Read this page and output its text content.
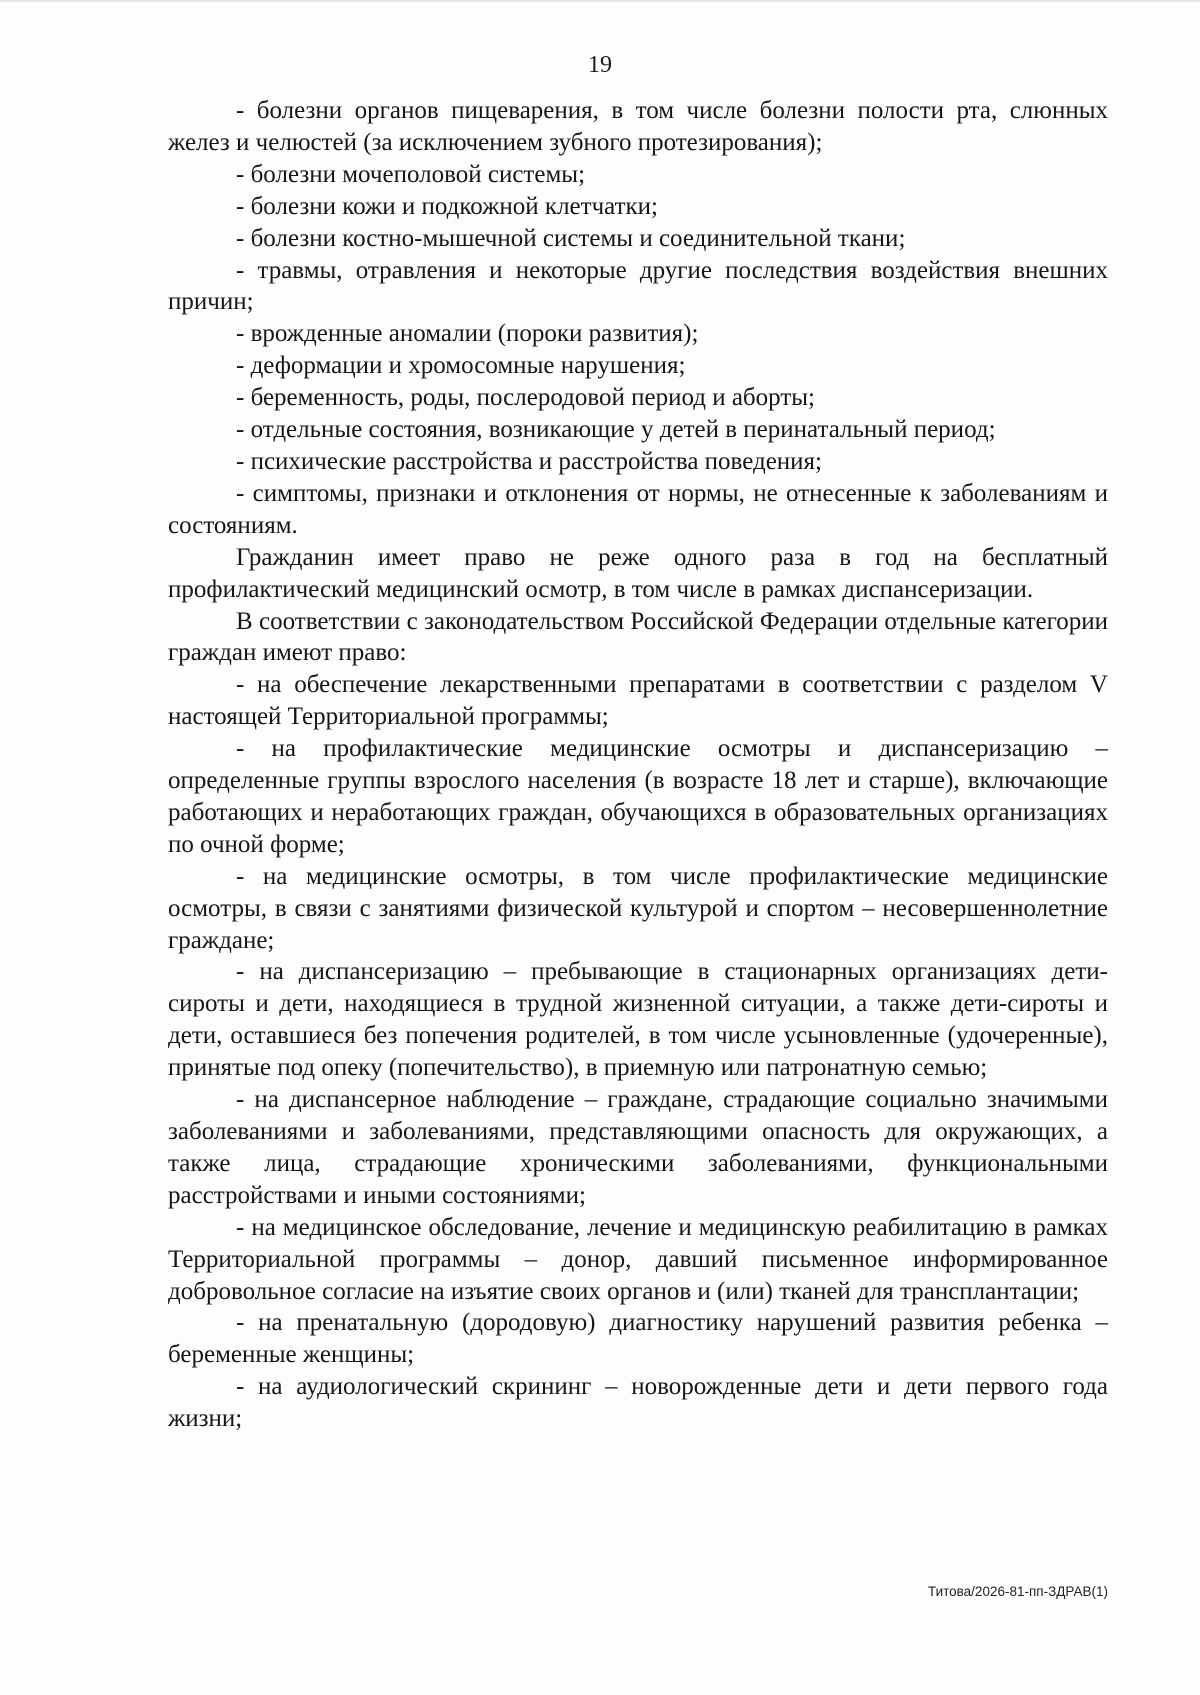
19

- болезни органов пищеварения, в том числе болезни полости рта, слюнных желез и челюстей (за исключением зубного протезирования);

- болезни мочеполовой системы;

- болезни кожи и подкожной клетчатки;

- болезни костно-мышечной системы и соединительной ткани;

- травмы, отравления и некоторые другие последствия воздействия внешних причин;

- врожденные аномалии (пороки развития);

- деформации и хромосомные нарушения;

- беременность, роды, послеродовой период и аборты;

- отдельные состояния, возникающие у детей в перинатальный период;

- психические расстройства и расстройства поведения;

- симптомы, признаки и отклонения от нормы, не отнесенные к заболеваниям и состояниям.

Гражданин имеет право не реже одного раза в год на бесплатный профилактический медицинский осмотр, в том числе в рамках диспансеризации.

В соответствии с законодательством Российской Федерации отдельные категории граждан имеют право:

- на обеспечение лекарственными препаратами в соответствии с разделом V настоящей Территориальной программы;

- на профилактические медицинские осмотры и диспансеризацию – определенные группы взрослого населения (в возрасте 18 лет и старше), включающие работающих и неработающих граждан, обучающихся в образовательных организациях по очной форме;

- на медицинские осмотры, в том числе профилактические медицинские осмотры, в связи с занятиями физической культурой и спортом – несовершеннолетние граждане;

- на диспансеризацию – пребывающие в стационарных организациях дети-сироты и дети, находящиеся в трудной жизненной ситуации, а также дети-сироты и дети, оставшиеся без попечения родителей, в том числе усыновленные (удочеренные), принятые под опеку (попечительство), в приемную или патронатную семью;

- на диспансерное наблюдение – граждане, страдающие социально значимыми заболеваниями и заболеваниями, представляющими опасность для окружающих, а также лица, страдающие хроническими заболеваниями, функциональными расстройствами и иными состояниями;

- на медицинское обследование, лечение и медицинскую реабилитацию в рамках Территориальной программы – донор, давший письменное информированное добровольное согласие на изъятие своих органов и (или) тканей для трансплантации;

- на пренатальную (дородовую) диагностику нарушений развития ребенка – беременные женщины;

- на аудиологический скрининг – новорожденные дети и дети первого года жизни;

Титова/2026-81-пп-ЗДРАВ(1)
